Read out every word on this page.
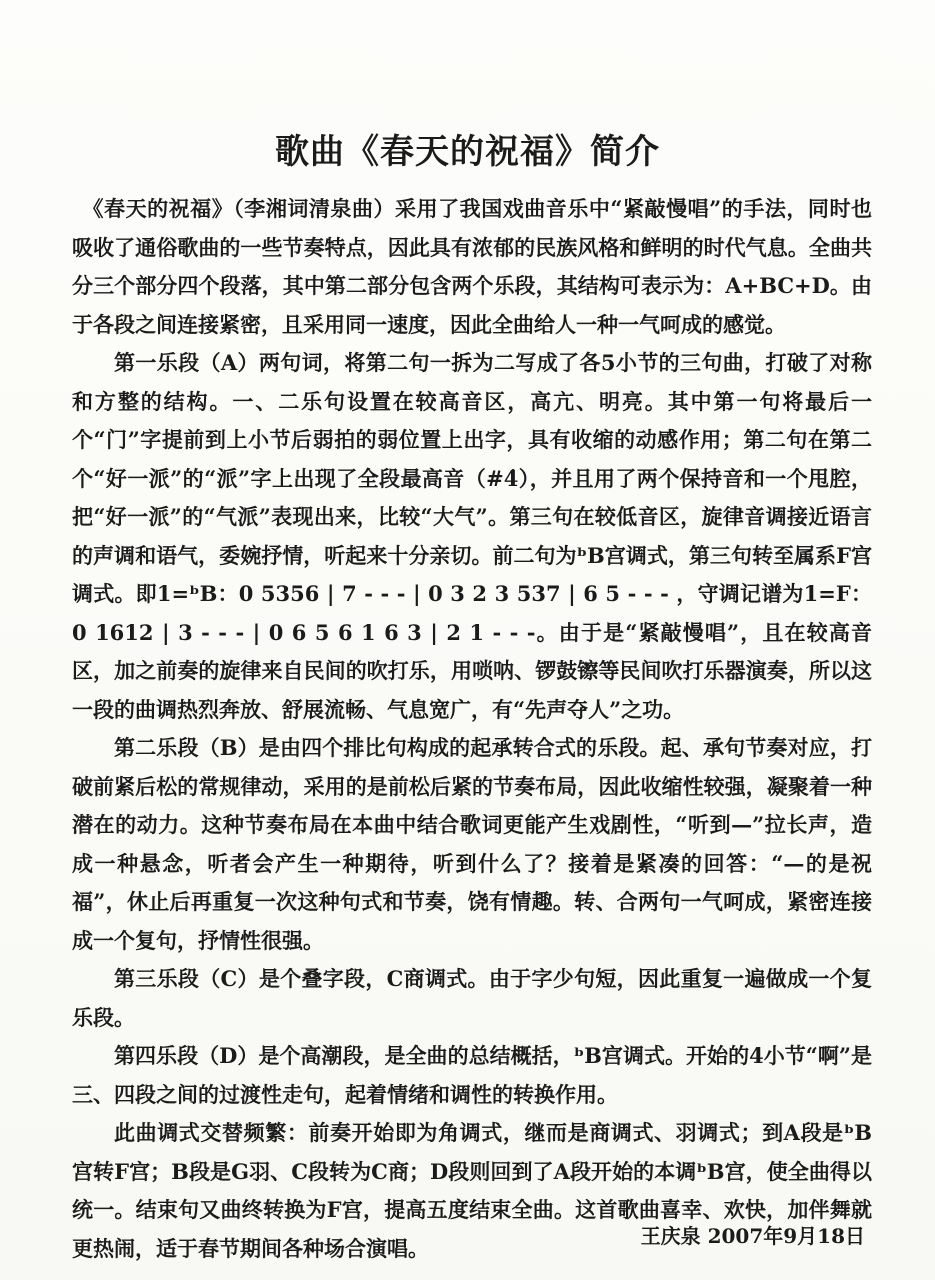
歌曲《春天的祝福》简介

《春天的祝福》（李湘词清泉曲）采用了我国戏曲音乐中“紧敲慢唱”的手法，同时也吸收了通俗歌曲的一些节奏特点，因此具有浓郁的民族风格和鲜明的时代气息。全曲共分三个部分四个段落，其中第二部分包含两个乐段，其结构可表示为：A+BC+D。由于各段之间连接紧密，且采用同一速度，因此全曲给人一种一气呵成的感觉。

第一乐段（A）两句词，将第二句一拆为二写成了各5小节的三句曲，打破了对称和方整的结构。一、二乐句设置在较高音区，高亢、明亮。其中第一句将最后一个“门”字提前到上小节后弱拍的弱位置上出字，具有收缩的动感作用；第二句在第二个“好一派”的“派”字上出现了全段最高音（#4̇），并且用了两个保持音和一个甩腔，把“好一派”的“气派”表现出来，比较“大气”。第三句在较低音区，旋律音调接近语言的声调和语气，委婉抒情，听起来十分亲切。前二句为ᵇB宫调式，第三句转至属系F宫调式。即1=ᵇB：0 5356 | 7 - - - | 0 3 2 3 537 | 6 5 - - - ，守调记谱为1=F：0 1612 | 3 - - - | 0 6 5 6 1 6 3 | 2 1 - - -。由于是“紧敲慢唱”，且在较高音区，加之前奏的旋律来自民间的吹打乐，用唢呐、锣鼓镲等民间吹打乐器演奏，所以这一段的曲调热烈奔放、舒展流畅、气息宽广，有“先声夺人”之功。

第二乐段（B）是由四个排比句构成的起承转合式的乐段。起、承句节奏对应，打破前紧后松的常规律动，采用的是前松后紧的节奏布局，因此收缩性较强，凝聚着一种潜在的动力。这种节奏布局在本曲中结合歌词更能产生戏剧性，“听到—”拉长声，造成一种悬念，听者会产生一种期待，听到什么了？接着是紧凑的回答：“—的是祝福”，休止后再重复一次这种句式和节奏，饶有情趣。转、合两句一气呵成，紧密连接成一个复句，抒情性很强。

第三乐段（C）是个叠字段，C商调式。由于字少句短，因此重复一遍做成一个复乐段。

第四乐段（D）是个高潮段，是全曲的总结概括，ᵇB宫调式。开始的4小节“啊”是三、四段之间的过渡性走句，起着情绪和调性的转换作用。

此曲调式交替频繁：前奏开始即为角调式，继而是商调式、羽调式；到A段是ᵇB宫转F宫；B段是G羽、C段转为C商；D段则回到了A段开始的本调ᵇB宫，使全曲得以统一。结束句又曲终转换为F宫，提高五度结束全曲。这首歌曲喜幸、欢快，加伴舞就更热闹，适于春节期间各种场合演唱。	王庆泉 2007年9月18日
